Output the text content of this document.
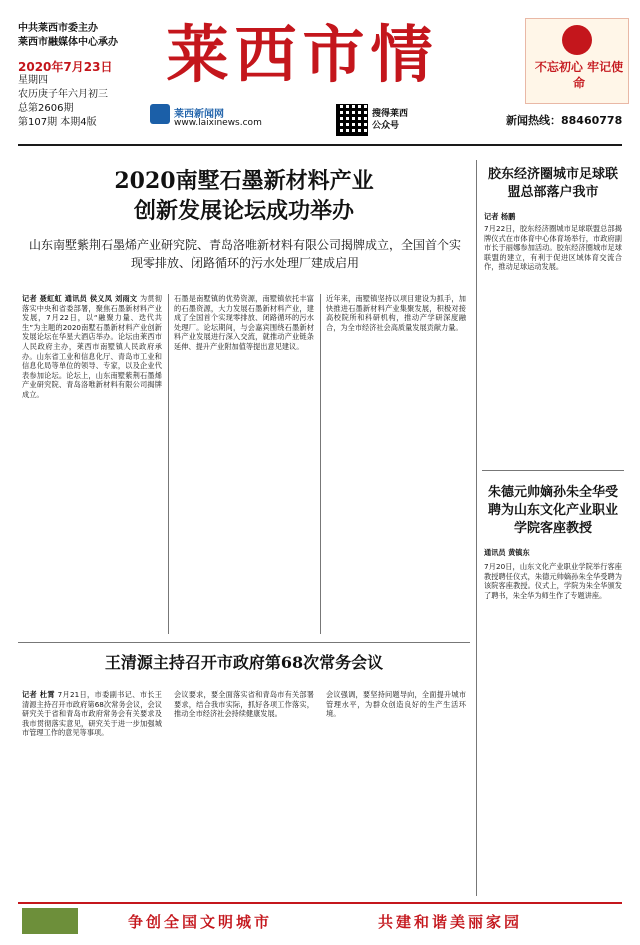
中共莱西市委主办
莱西市融媒体中心承办
2020年7月23日
星期四
农历庚子年六月初三
总第2606期
第107期 本期4版
莱西市情
莱西新闻网
www.laixinews.com
搜得莱西
公众号	新闻热线：88460778
不忘初心 牢记使命
2020南墅石墨新材料产业
创新发展论坛成功举办
山东南墅紫荆石墨烯产业研究院、青岛洛唯新材料有限公司揭牌成立，全国首个实现零排放、闭路循环的污水处理厂建成启用
记者 聂虹虹 通讯员 侯义凤 刘雨文 为贯彻落实中央和省委部署，聚焦石墨新材料产业发展，7月22日，以“融聚力量、迭代共生”为主题的2020南墅石墨新材料产业创新发展论坛在华星大酒店举办。论坛由莱西市人民政府主办，莱西市南墅镇人民政府承办。山东省工业和信息化厅、青岛市工业和信息化局等单位的领导、专家，以及企业代表参加论坛。论坛上，山东南墅紫荆石墨烯产业研究院、青岛洛唯新材料有限公司揭牌成立。
石墨是南墅镇的优势资源，南墅镇依托丰富的石墨资源，大力发展石墨新材料产业，建成了全国首个实现零排放、闭路循环的污水处理厂。论坛期间，与会嘉宾围绕石墨新材料产业发展进行深入交流，就推动产业链条延伸、提升产业附加值等提出意见建议。
近年来，南墅镇坚持以项目建设为抓手，加快推进石墨新材料产业集聚发展，积极对接高校院所和科研机构，推动产学研深度融合，为全市经济社会高质量发展贡献力量。
王清源主持召开市政府第68次常务会议
记者 杜霄 7月21日，市委副书记、市长王清源主持召开市政府第68次常务会议，会议研究关于省和青岛市政府常务会有关要求及我市贯彻落实意见，研究关于进一步加强城市管理工作的意见等事项。
会议要求，要全面落实省和青岛市有关部署要求，结合我市实际，抓好各项工作落实，推动全市经济社会持续健康发展。
会议强调，要坚持问题导向，全面提升城市管理水平，为群众创造良好的生产生活环境。
胶东经济圈城市足球联盟总部落户我市
记者 杨鹏
7月22日，胶东经济圈城市足球联盟总部揭牌仪式在市体育中心体育场举行，市政府副市长于丽娜参加活动。胶东经济圈城市足球联盟的建立，有利于促进区域体育交流合作，推动足球运动发展。
朱德元帅嫡孙朱全华受聘为山东文化产业职业学院客座教授
通讯员 黄镇东
7月20日，山东文化产业职业学院举行客座教授聘任仪式，朱德元帅嫡孙朱全华受聘为该院客座教授。仪式上，学院为朱全华颁发了聘书，朱全华为师生作了专题讲座。
争创全国文明城市	共建和谐美丽家园
